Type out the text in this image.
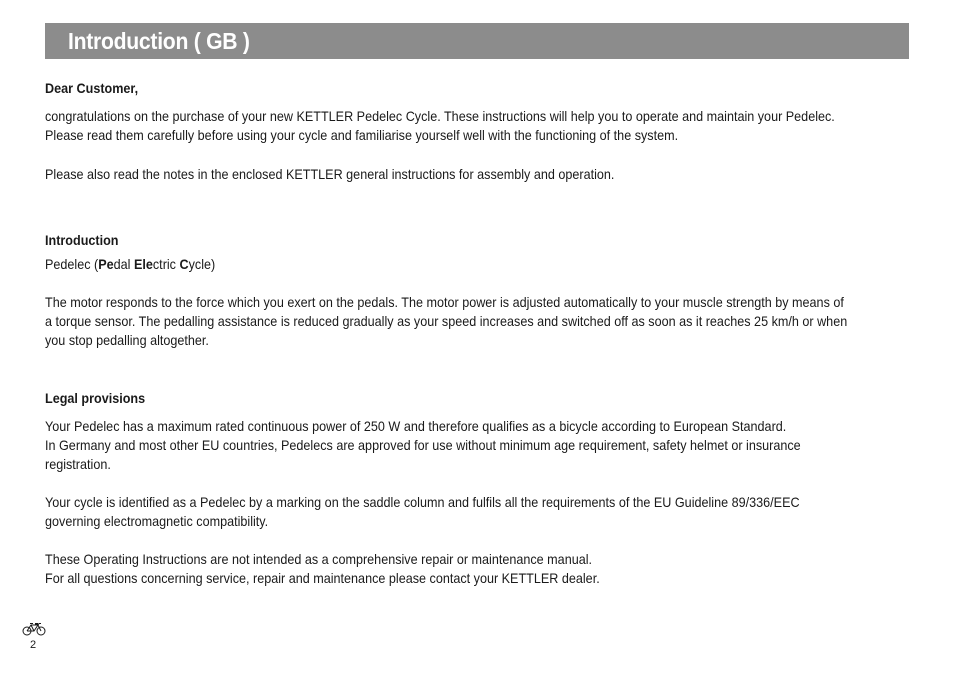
Introduction ( GB )

Dear Customer,

congratulations on the purchase of your new KETTLER Pedelec Cycle. These instructions will help you to operate and maintain your Pedelec.

Please read them carefully before using your cycle and familiarise yourself well with the functioning of the system.

Please also read the notes in the enclosed KETTLER general instructions for assembly and operation.

Introduction

Pedelec (Pedal Electric Cycle)

The motor responds to the force which you exert on the pedals. The motor power is adjusted automatically to your muscle strength by means of

a torque sensor. The pedalling assistance is reduced gradually as your speed increases and switched off as soon as it reaches 25 km/h or when

you stop pedalling altogether.

Legal provisions

Your Pedelec has a maximum rated continuous power of 250 W and therefore qualifies as a bicycle according to European Standard.

In Germany and most other EU countries, Pedelecs are approved for use without minimum age requirement, safety helmet or insurance

registration.

Your cycle is identified as a Pedelec by a marking on the saddle column and fulfils all the requirements of the EU Guideline 89/336/EEC

governing electromagnetic compatibility.

These Operating Instructions are not intended as a comprehensive repair or maintenance manual.

For all questions concerning service, repair and maintenance please contact your KETTLER dealer.

2
